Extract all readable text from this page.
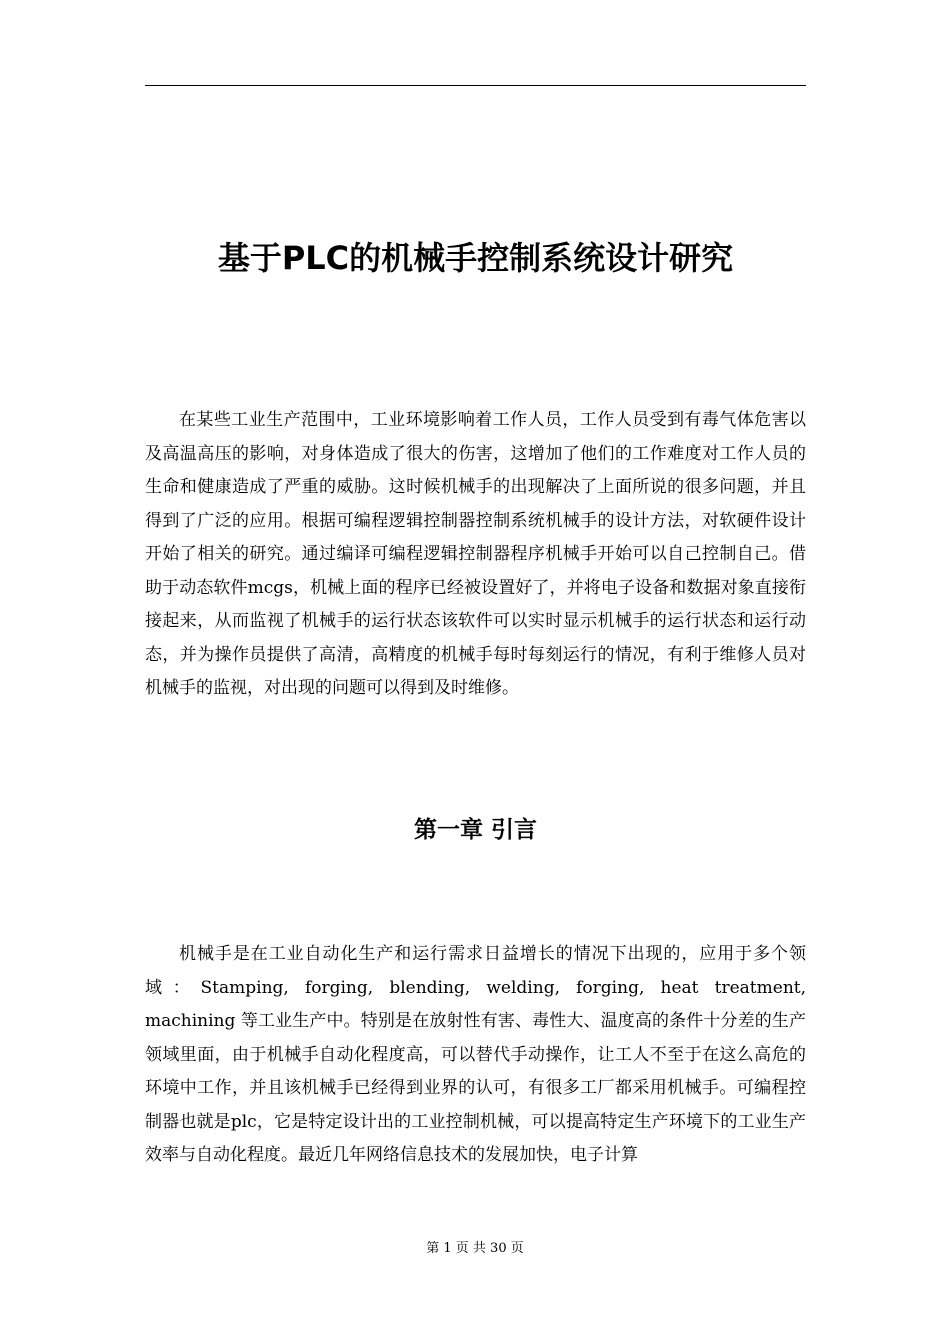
基于PLC的机械手控制系统设计研究

在某些工业生产范围中，工业环境影响着工作人员，工作人员受到有毒气体危害以及高温高压的影响，对身体造成了很大的伤害，这增加了他们的工作难度对工作人员的生命和健康造成了严重的威胁。这时候机械手的出现解决了上面所说的很多问题，并且得到了广泛的应用。根据可编程逻辑控制器控制系统机械手的设计方法，对软硬件设计开始了相关的研究。通过编译可编程逻辑控制器程序机械手开始可以自己控制自己。借助于动态软件mcgs，机械上面的程序已经被设置好了，并将电子设备和数据对象直接衔接起来，从而监视了机械手的运行状态该软件可以实时显示机械手的运行状态和运行动态，并为操作员提供了高清，高精度的机械手每时每刻运行的情况，有利于维修人员对机械手的监视，对出现的问题可以得到及时维修。

第一章 引言

机械手是在工业自动化生产和运行需求日益增长的情况下出现的，应用于多个领域：Stamping, forging, blending, welding, forging, heat treatment, machining 等工业生产中。特别是在放射性有害、毒性大、温度高的条件十分差的生产领域里面，由于机械手自动化程度高，可以替代手动操作，让工人不至于在这么高危的环境中工作，并且该机械手已经得到业界的认可，有很多工厂都采用机械手。可编程控制器也就是plc，它是特定设计出的工业控制机械，可以提高特定生产环境下的工业生产效率与自动化程度。最近几年网络信息技术的发展加快，电子计算

第 1 页 共 30 页
